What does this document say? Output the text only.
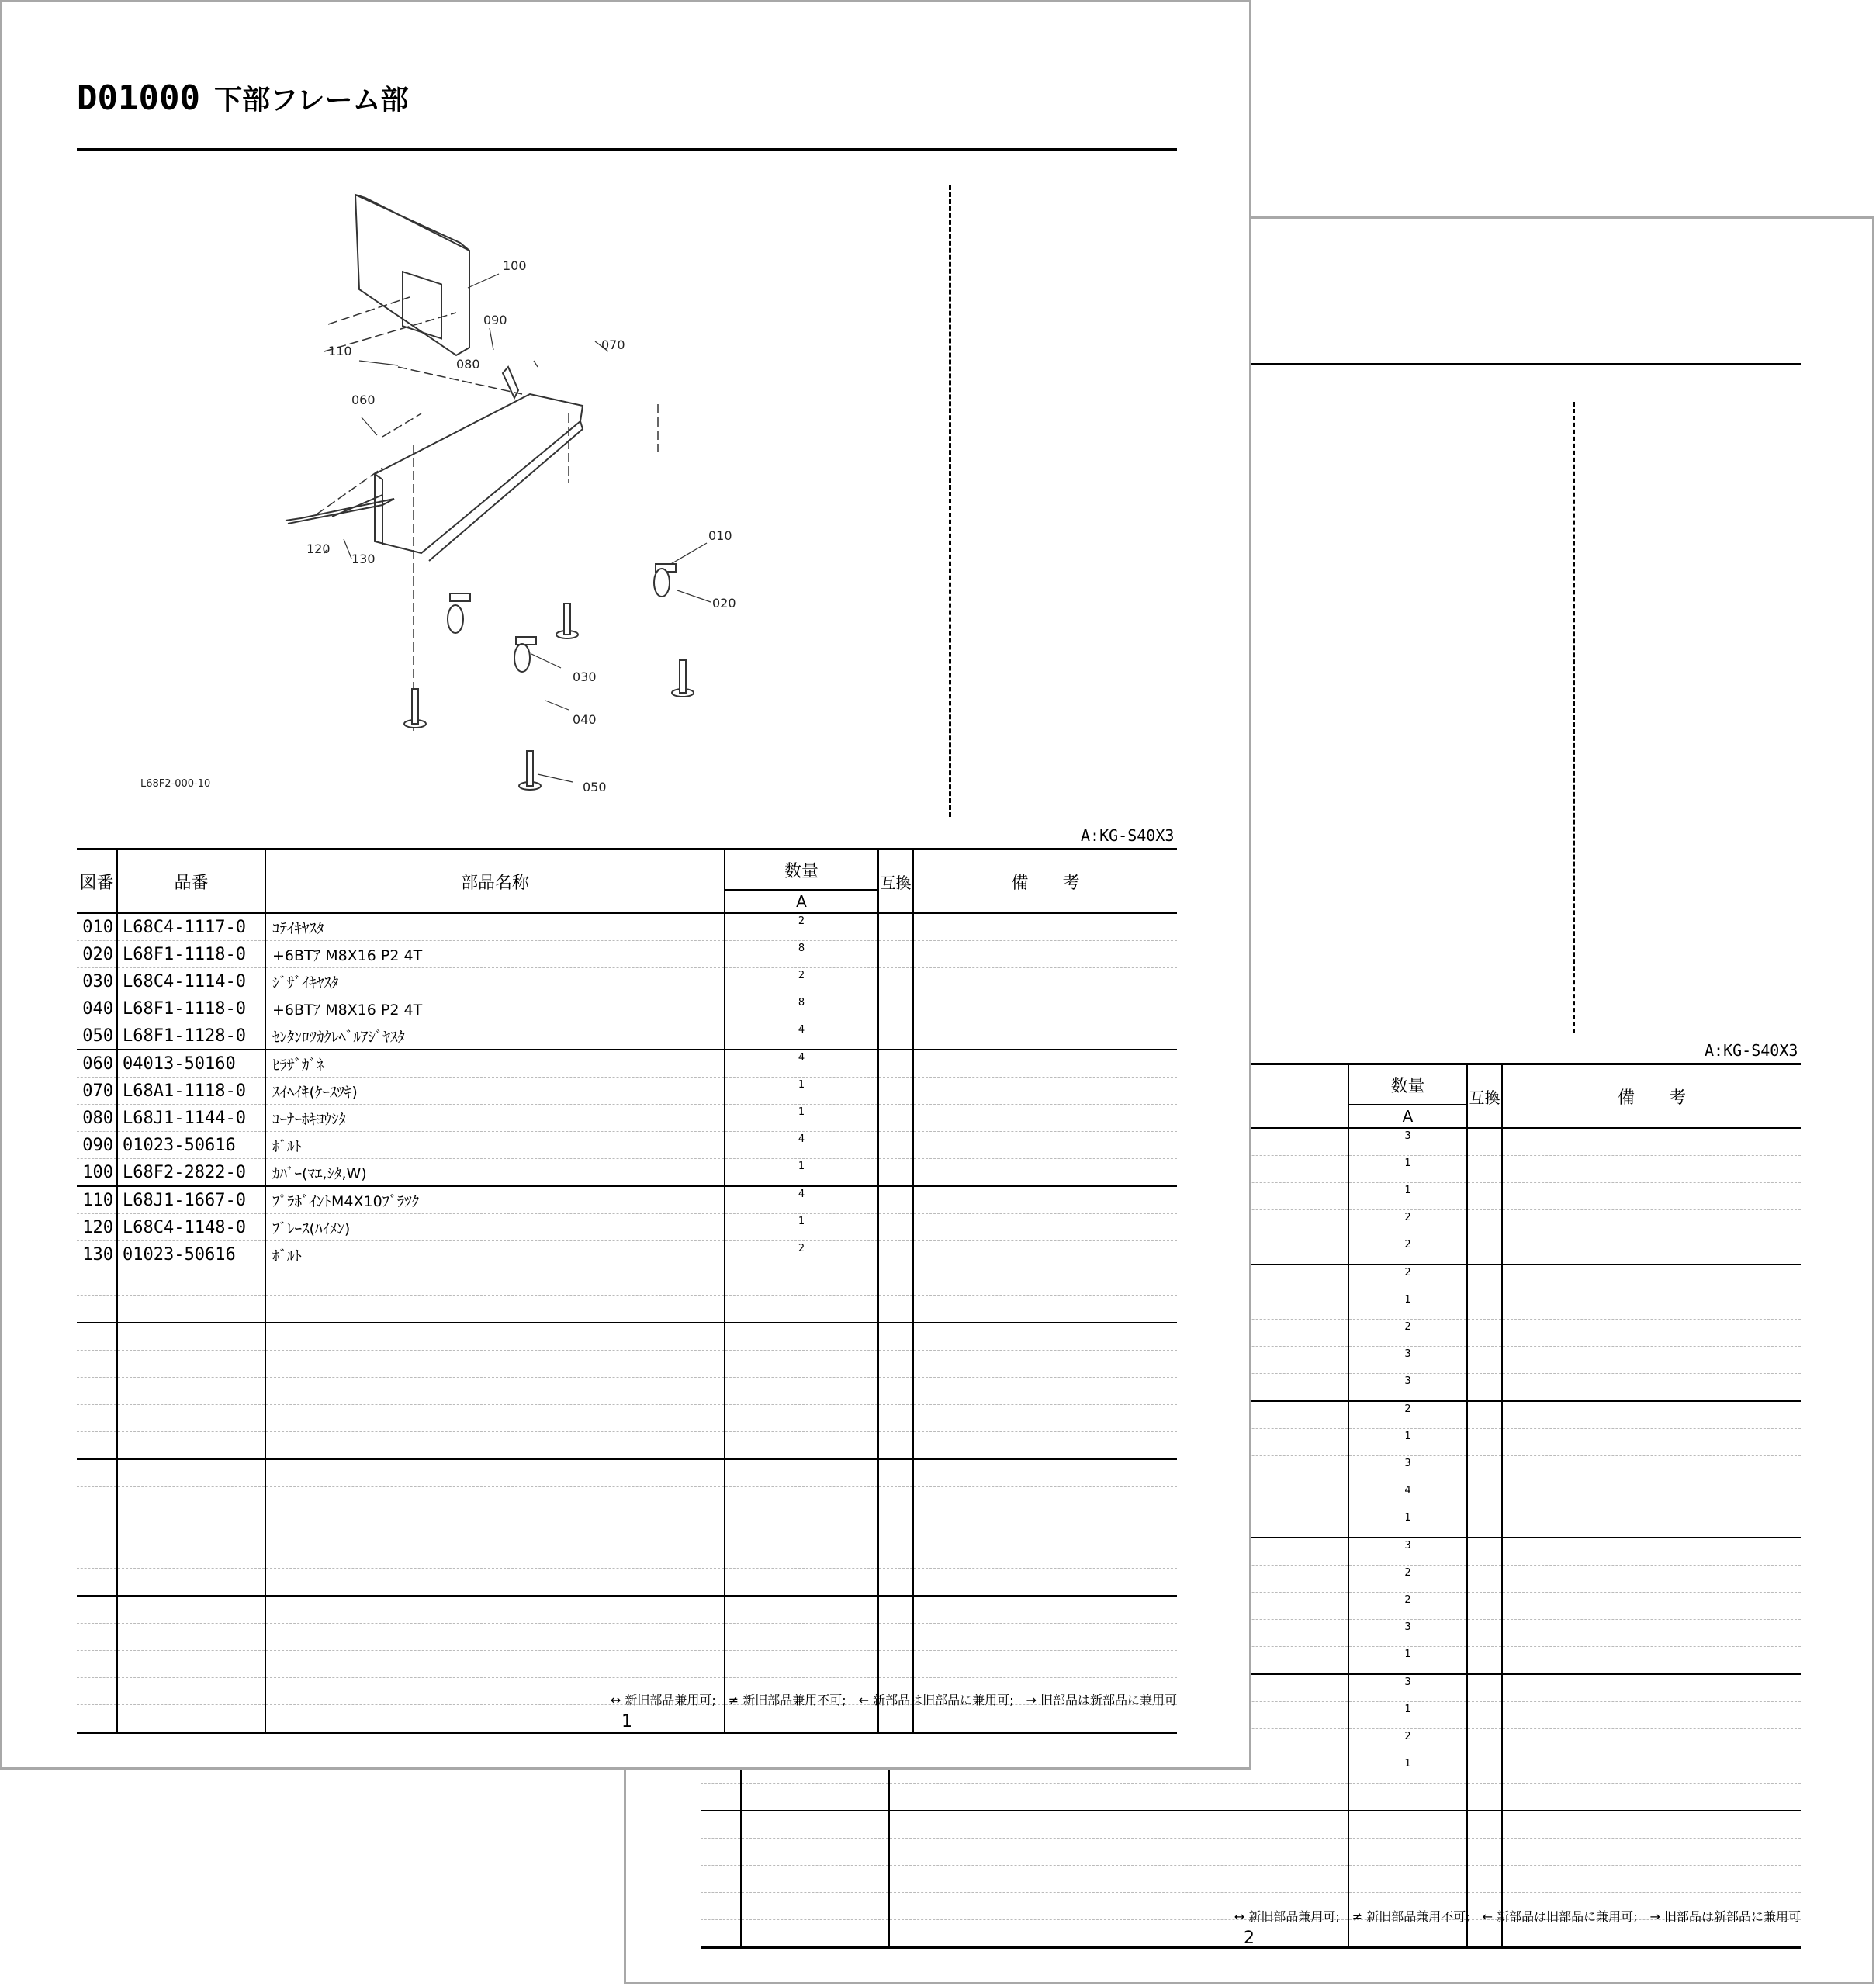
A:KG-S40X3
			数量	互換	備　　考
			A		
			3		
			1		
			1		
			2		
			2		
			2		
			1		
			2		
			3		
			3		
			2		
			1		
			3		
			4		
			1		
			3		
			2		
			2		
			3		
			1		
			3		
			1		
			2		
			1		

↔ 新旧部品兼用可;　≠ 新旧部品兼用不可;　← 新部品は旧部品に兼用可;　→ 旧部品は新部品に兼用可
2
D01000 下部フレーム部
100
090
070
110
080
060
010
120
130
020
030
040
050
L68F2-000-10
A:KG-S40X3
図番	品番	部品名称	数量	互換	備　　考
			A		
010	L68C4-1117-0	ｺﾃｲｷﾔｽﾀ	2		
020	L68F1-1118-0	+6BTｱ M8X16 P2 4T	8		
030	L68C4-1114-0	ｼﾞｻﾞｲｷﾔｽﾀ	2		
040	L68F1-1118-0	+6BTｱ M8X16 P2 4T	8		
050	L68F1-1128-0	ｾﾝﾀﾝﾛﾂｶｸﾚﾍﾞﾙｱｼﾞﾔｽﾀ	4		
060	04013-50160	ﾋﾗｻﾞｶﾞﾈ	4		
070	L68A1-1118-0	ｽｲﾍｲｷ(ｹｰｽﾂｷ)	1		
080	L68J1-1144-0	ｺｰﾅｰﾎｷﾖｳｼﾀ	1		
090	01023-50616	ﾎﾞﾙﾄ	4		
100	L68F2-2822-0	ｶﾊﾞｰ(ﾏｴ,ｼﾀ,W)	1		
110	L68J1-1667-0	ﾌﾟﾗﾎﾞｲﾝﾄM4X10ﾌﾞﾗﾂｸ	4		
120	L68C4-1148-0	ﾌﾞﾚｰｽ(ﾊｲﾒﾝ)	1		
130	01023-50616	ﾎﾞﾙﾄ	2		

↔ 新旧部品兼用可;　≠ 新旧部品兼用不可;　← 新部品は旧部品に兼用可;　→ 旧部品は新部品に兼用可
1
